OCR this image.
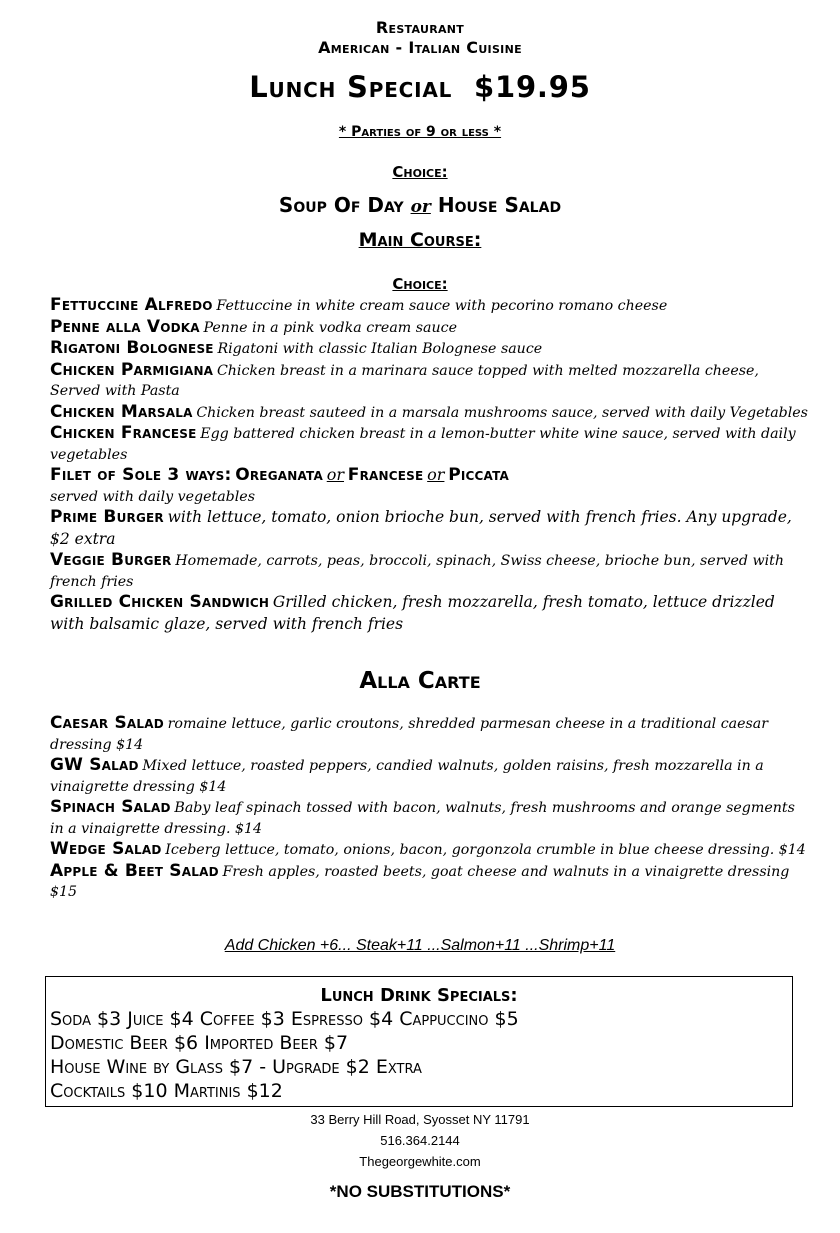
Restaurant
American - Italian Cuisine
Lunch Special $19.95
* Parties of 9 or less *
Choice:
Soup Of Day or House Salad
Main Course:
Choice:
Fettuccine Alfredo Fettuccine in white cream sauce with pecorino romano cheese
Penne alla Vodka Penne in a pink vodka cream sauce
Rigatoni Bolognese Rigatoni with classic Italian Bolognese sauce
Chicken Parmigiana Chicken breast in a marinara sauce topped with melted mozzarella cheese, Served with Pasta
Chicken Marsala Chicken breast sauteed in a marsala mushrooms sauce, served with daily Vegetables
Chicken Francese Egg battered chicken breast in a lemon-butter white wine sauce, served with daily vegetables
Filet of Sole 3 ways: Oreganata or Francese or Piccata
served with daily vegetables
Prime Burger with lettuce, tomato, onion brioche bun, served with french fries. Any upgrade, $2 extra
Veggie Burger Homemade, carrots, peas, broccoli, spinach, Swiss cheese, brioche bun, served with french fries
Grilled Chicken Sandwich Grilled chicken, fresh mozzarella, fresh tomato, lettuce drizzled with balsamic glaze, served with french fries
Alla Carte
Caesar Salad romaine lettuce, garlic croutons, shredded parmesan cheese in a traditional caesar dressing $14
GW Salad Mixed lettuce, roasted peppers, candied walnuts, golden raisins, fresh mozzarella in a vinaigrette dressing $14
Spinach Salad Baby leaf spinach tossed with bacon, walnuts, fresh mushrooms and orange segments in a vinaigrette dressing. $14
Wedge Salad Iceberg lettuce, tomato, onions, bacon, gorgonzola crumble in blue cheese dressing. $14
Apple & Beet Salad Fresh apples, roasted beets, goat cheese and walnuts in a vinaigrette dressing $15
Add Chicken +6... Steak+11 ...Salmon+11 ...Shrimp+11
Lunch Drink Specials:
Soda $3 Juice $4 Coffee $3 Espresso $4 Cappuccino $5
Domestic Beer $6 Imported Beer $7
House Wine by Glass $7 - Upgrade $2 Extra
Cocktails $10 Martinis $12
33 Berry Hill Road, Syosset NY 11791
516.364.2144
Thegeorgewhite.com
*NO SUBSTITUTIONS*
